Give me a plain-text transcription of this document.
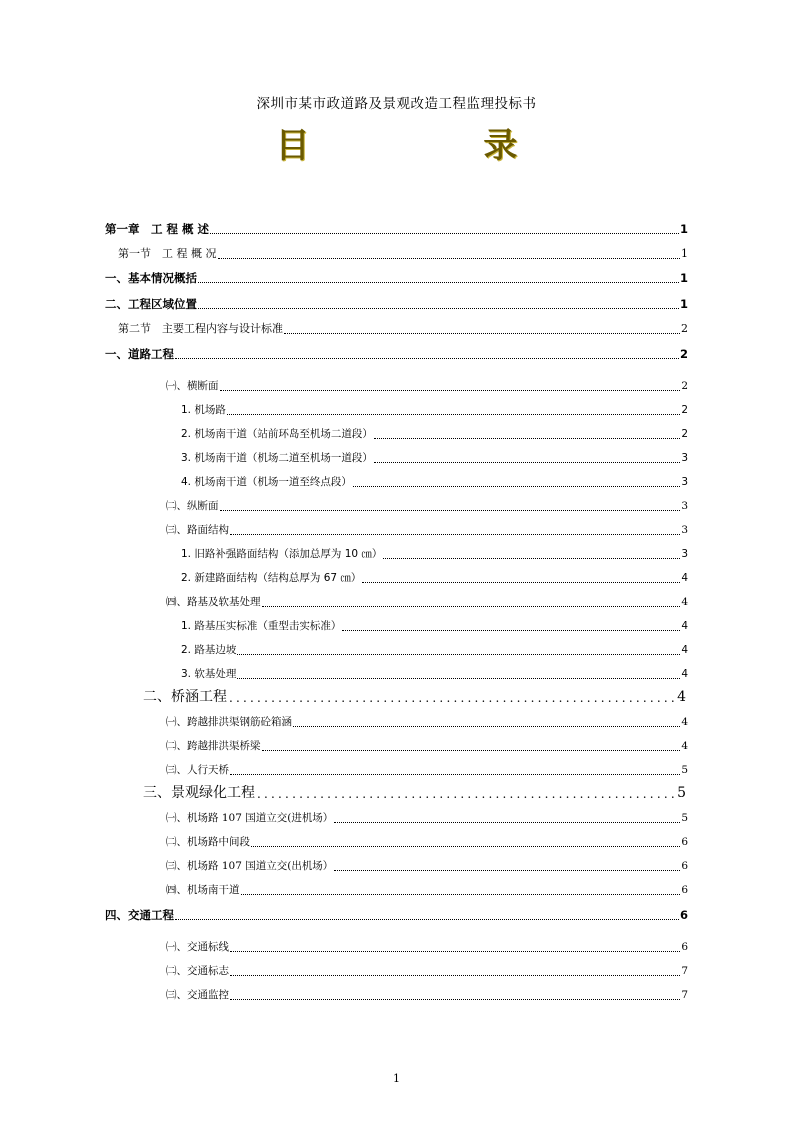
深圳市某市政道路及景观改造工程监理投标书
目	录
第一章　工 程 概 述	1
第一节　工 程 概 况	1
一、基本情况概括	1
二、工程区域位置	1
第二节　主要工程内容与设计标准	2
一、道路工程	2
㈠、横断面	2
1. 机场路	2
2. 机场南干道（站前环岛至机场二道段）	2
3. 机场南干道（机场二道至机场一道段）	3
4. 机场南干道（机场一道至终点段）	3
㈡、纵断面	3
㈢、路面结构	3
1. 旧路补强路面结构（添加总厚为 10 ㎝）	3
2. 新建路面结构（结构总厚为 67 ㎝）	4
㈣、路基及软基处理	4
1. 路基压实标准（重型击实标准）	4
2. 路基边坡	4
3. 软基处理	4
二、桥涵工程 .....	4
㈠、跨越排洪渠钢筋砼箱涵	4
㈡、跨越排洪渠桥梁	4
㈢、人行天桥	5
三、景观绿化工程 .....	5
㈠、机场路 107 国道立交(进机场）	5
㈡、机场路中间段	6
㈢、机场路 107 国道立交(出机场）	6
㈣、机场南干道	6
四、交通工程	6
㈠、交通标线	6
㈡、交通标志	7
㈢、交通监控	7
1
